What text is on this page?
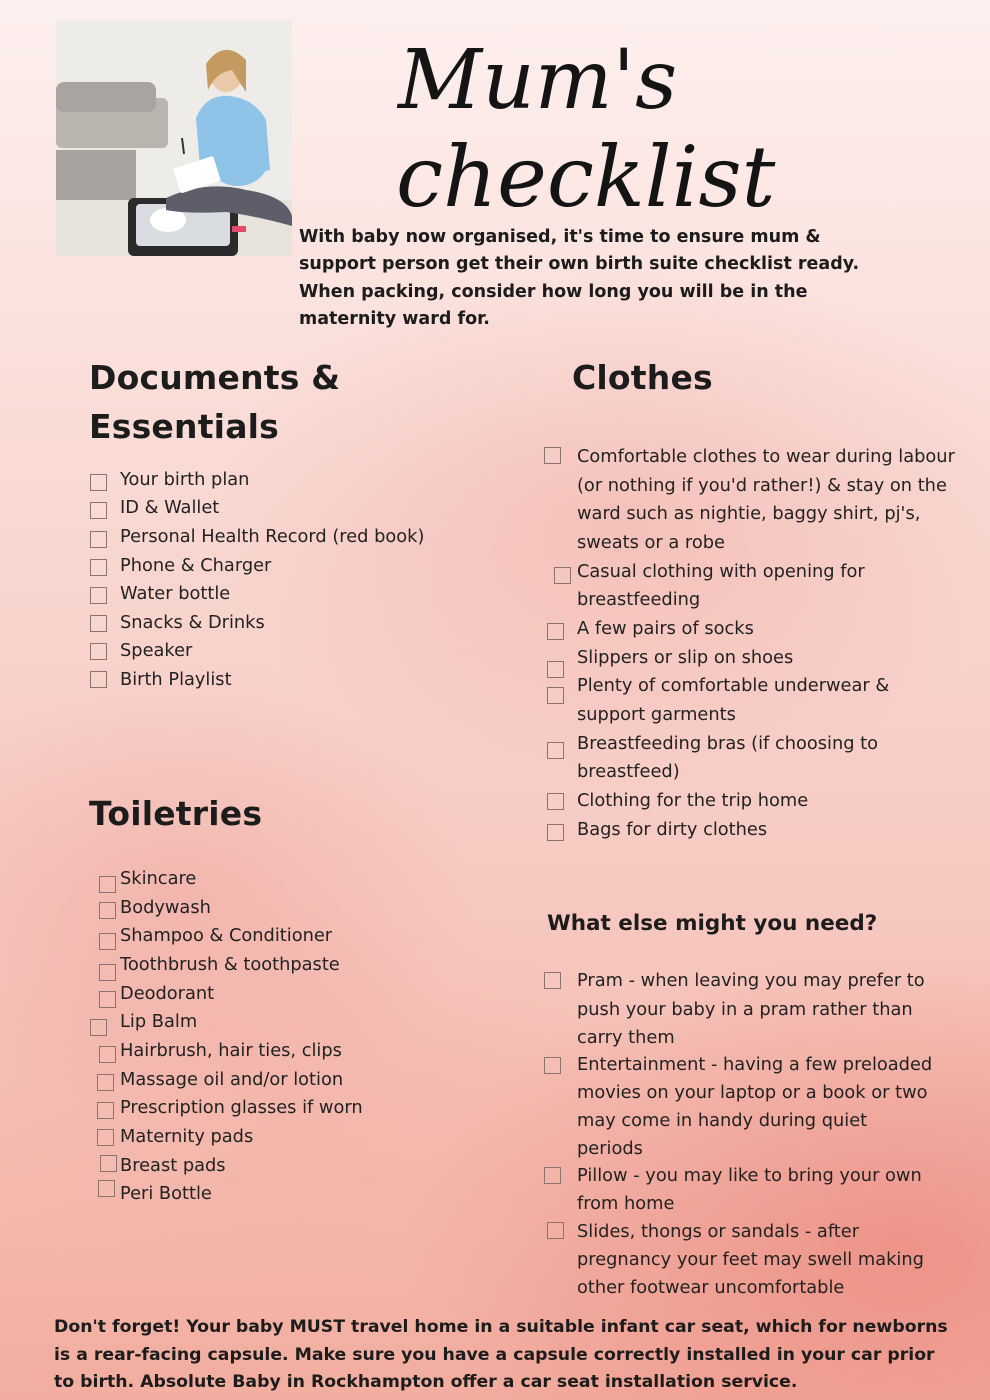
Mum's
checklist

With baby now organised, it's time to ensure mum & support person get their own birth suite checklist ready. When packing, consider how long you will be in the maternity ward for.

Documents & Essentials
Clothes
Toiletries
What else might you need?
Your birth plan
ID & Wallet
Personal Health Record (red book)
Phone & Charger
Water bottle
Snacks & Drinks
Speaker
Birth Playlist
Skincare
Bodywash
Shampoo & Conditioner
Toothbrush & toothpaste
Deodorant
Lip Balm
Hairbrush, hair ties, clips
Massage oil and/or lotion
Prescription glasses if worn
Maternity pads
Breast pads
Peri Bottle
Comfortable clothes to wear during labour
(or nothing if you'd rather!) & stay on the
ward such as nightie, baggy shirt, pj's,
sweats or a robe
Casual clothing with opening for
breastfeeding
A few pairs of socks
Slippers or slip on shoes
Plenty of comfortable underwear &
support garments
Breastfeeding bras (if choosing to
breastfeed)
Clothing for the trip home
Bags for dirty clothes
Pram - when leaving you may prefer to
push your baby in a pram rather than
carry them
Entertainment - having a few preloaded
movies on your laptop or a book or two
may come in handy during quiet
periods
Pillow - you may like to bring your own
from home
Slides, thongs or sandals - after
pregnancy your feet may swell making
other footwear uncomfortable

Don't forget! Your baby MUST travel home in a suitable infant car seat, which for newborns is a rear-facing capsule. Make sure you have a capsule correctly installed in your car prior to birth. Absolute Baby in Rockhampton offer a car seat installation service.
